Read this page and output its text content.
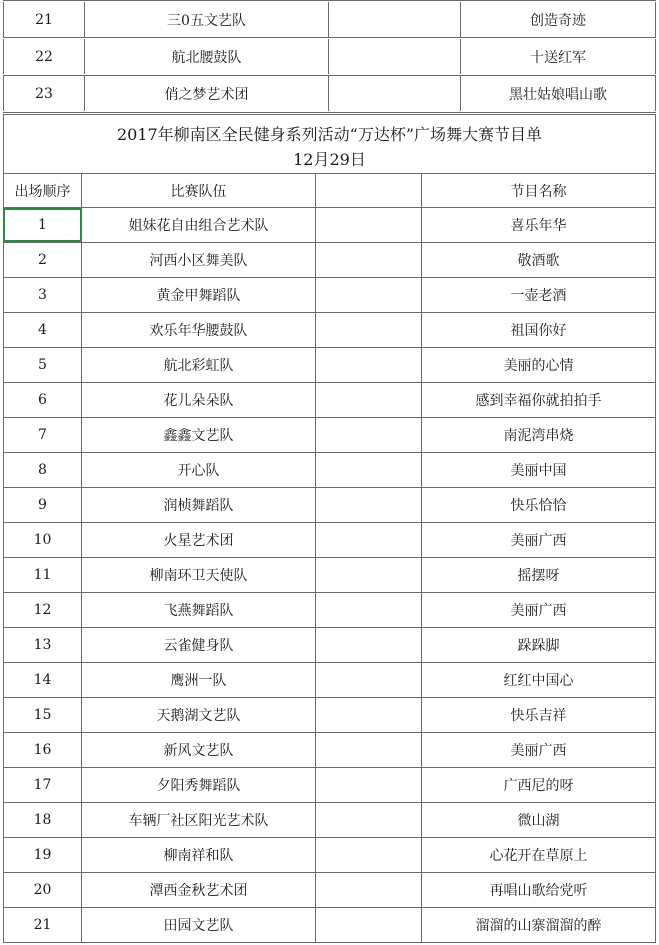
21	三0五文艺队	创造奇迹
22	航北腰鼓队	十送红军
23	俏之梦艺术团	黑壮姑娘唱山歌
2017年柳南区全民健身系列活动“万达杯”广场舞大赛节目单
12月29日
出场顺序	比赛队伍	节目名称
1	姐妹花自由组合艺术队	喜乐年华
2	河西小区舞美队	敬酒歌
3	黄金甲舞蹈队	一壶老酒
4	欢乐年华腰鼓队	祖国你好
5	航北彩虹队	美丽的心情
6	花儿朵朵队	感到幸福你就拍拍手
7	鑫鑫文艺队	南泥湾串烧
8	开心队	美丽中国
9	润桢舞蹈队	快乐恰恰
10	火星艺术团	美丽广西
11	柳南环卫天使队	摇摆呀
12	飞燕舞蹈队	美丽广西
13	云雀健身队	跺跺脚
14	鹰洲一队	红红中国心
15	天鹅湖文艺队	快乐吉祥
16	新风文艺队	美丽广西
17	夕阳秀舞蹈队	广西尼的呀
18	车辆厂社区阳光艺术队	微山湖
19	柳南祥和队	心花开在草原上
20	潭西金秋艺术团	再唱山歌给党听
21	田园文艺队	溜溜的山寨溜溜的醉
